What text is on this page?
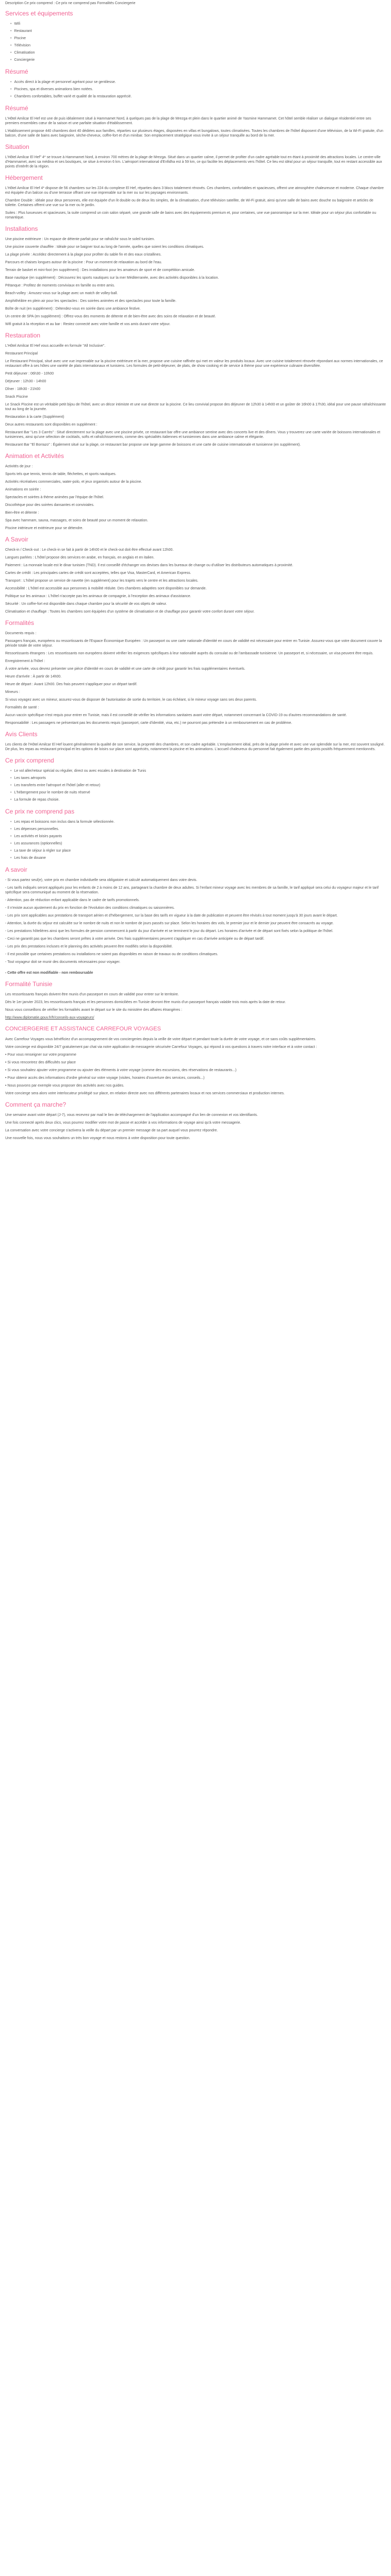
Description Ce prix comprend : Ce prix ne comprend pas Formalités Conciergerie
Services et équipements
• Wifi
• Restaurant
• Piscine
• Télévision
• Climatisation
• Conciergerie
Résumé
• Accès direct à la plage et personnel agréant pour se gentilesse.
• Piscines, spa et diverses animations bien notées.
• Chambres confortables, buffet varié et qualité de la restauration apprécié.
Résumé
L'Hôtel Amilcar El Hef est une de puis idéalement situé à Hammamet Nord, à quelques pas de la plage de Mrezga et plein dans le quartier animé de Yasmine Hammamet. Cet hôtel semble réaliser un dialogue résidentiel entre ses premiers ensembles cœur de la saison et une parfaite situation d'établissement.
L'établissement propose 440 chambres dont 40 dédiées aux familles, réparties sur plusieurs étages, disposées en villas et bungalows, toutes climatisées. Toutes les chambres de l'hôtel disposent d'une télévision, de la Wi-Fi gratuite, d'un balcon, d'une salle de bains avec baignoire, sèche-cheveux, coffre-fort et d'un minibar. Son emplacement stratégique vous invite à un séjour tranquille au bord de la mer.
Situation
L'Hôtel Amilcar El Hef" 4* se trouve à Hammamet Nord, à environ 700 mètres de la plage de Mrezga. Situé dans un quartier calme, il permet de profiter d'un cadre agréable tout en étant à proximité des attractions locales. Le centre-ville d'Hammamet, avec sa médina et ses boutiques, se situe à environ 6 km. L'aéroport international d'Enfidha est à 59 km, ce qui facilite les déplacements vers l'hôtel. Ce lieu est idéal pour un séjour tranquille, tout en restant accessible aux points d'intérêt de la région.
Hébergement
L'Hôtel Amilcar El Hef 4* dispose de 56 chambres sur les 224 du complexe El Hef, réparties dans 3 blocs totalement rénovés. Ces chambres, confortables et spacieuses, offrent une atmosphère chaleureuse et moderne. Chaque chambre est équipée d'un balcon ou d'une terrasse offrant une vue imprenable sur la mer ou sur les paysages environnants.
Chambre Double : idéale pour deux personnes, elle est équipée d'un lit double ou de deux lits simples, de la climatisation, d'une télévision satellite, de Wi-Fi gratuit, ainsi qu'une salle de bains avec douche ou baignoire et articles de toilette. Certaines offrent une vue sur la mer ou le jardin.
Suites : Plus luxueuses et spacieuses, la suite comprend un coin salon séparé, une grande salle de bains avec des équipements premium et, pour certaines, une vue panoramique sur la mer. Idéale pour un séjour plus confortable ou romantique.
Installations
Une piscine extérieure : Un espace de détente parfait pour se rafraîchir sous le soleil tunisien.
Une piscine couverte chauffée : Idéale pour se baigner tout au long de l'année, quelles que soient les conditions climatiques.
La plage privée : Accédez directement à la plage pour profiter du sable fin et des eaux cristallines.
Parcours et chaises longues autour de la piscine : Pour un moment de relaxation au bord de l'eau.
Terrain de basket et mini-foot (en supplément) : Des installations pour les amateurs de sport et de compétition amicale.
Base nautique (en supplément) : Découvrez les sports nautiques sur la mer Méditerranée, avec des activités disponibles à la location.
Pétanque : Profitez de moments conviviaux en famille ou entre amis.
Beach-volley : Amusez-vous sur la plage avec un match de volley-ball.
Amphithéâtre en plein air pour les spectacles : Des soirées animées et des spectacles pour toute la famille.
Boîte de nuit (en supplément) : Détendez-vous en soirée dans une ambiance festive.
Un centre de SPA (en supplément) : Offrez-vous des moments de détente et de bien-être avec des soins de relaxation et de beauté.
Wifi gratuit à la réception et au bar : Restez connecté avec votre famille et vos amis durant votre séjour.
Restauration
L'Hôtel Amilcar El Hef vous accueille en formule "All Inclusive".
Restaurant Principal
Le Restaurant Principal, situé avec une vue imprenable sur la piscine extérieure et la mer, propose une cuisine raffinée qui met en valeur les produits locaux. Avec une cuisine totalement rénovée répondant aux normes internationales, ce restaurant offre à ses hôtes une variété de plats internationaux et tunisiens. Les formules de petit-déjeuner, de plats, de show cooking et de service à thème pour une expérience culinaire diversifiée.
Petit déjeuner : 06h30 - 10h00
Déjeuner : 12h30 - 14h00
Dîner : 18h30 - 21h00
Snack Piscine
Le Snack Piscine est un véritable petit bijou de l'hôtel, avec un décor intimiste et une vue directe sur la piscine. Ce lieu convivial propose des déjeuner de 12h30 à 14h00 et un goûter de 16h00 à 17h30, idéal pour une pause rafraîchissante tout au long de la journée.
Restauration à la carte (Supplément)
Deux autres restaurants sont disponibles en supplément :
Restaurant Bar "Les 3 Carrés" : Situé directement sur la plage avec une piscine privée, ce restaurant bar offre une ambiance sereine avec des concerts live et des dîners. Vous y trouverez une carte variée de boissons internationales et tunisiennes, ainsi qu'une sélection de cocktails, softs et rafraîchissements, comme des spécialités italiennes et tunisiennes dans une ambiance calme et élégante.
Restaurant Bar "El Borrazo" : Également situé sur la plage, ce restaurant bar propose une large gamme de boissons et une carte de cuisine internationale et tunisienne (en supplément).
Animation et Activités
Activités de jour :
Sports tels que tennis, tennis de table, fléchettes, et sports nautiques.
Activités récréatives commerciales, water-polo, et jeux organisés autour de la piscine.
Animations en soirée :
Spectacles et soirées à thème animées par l'équipe de l'hôtel.
Discothèque pour des soirées dansantes et conviviales.
Bien-être et détente :
Spa avec hammam, sauna, massages, et soins de beauté pour un moment de relaxation.
Piscine intérieure et extérieure pour se détendre.
A Savoir
Check-in / Check-out : Le check-in se fait à partir de 14h00 et le check-out doit être effectué avant 12h00.
Langues parlées : L'hôtel propose des services en arabe, en français, en anglais et en italien.
Paiement : La monnaie locale est le dinar tunisien (TND). Il est conseillé d'échanger vos devises dans les bureaux de change ou d'utiliser les distributeurs automatiques à proximité.
Cartes de crédit : Les principales cartes de crédit sont acceptées, telles que Visa, MasterCard, et American Express.
Transport : L'hôtel propose un service de navette (en supplément) pour les trajets vers le centre et les attractions locales.
Accessibilité : L'hôtel est accessible aux personnes à mobilité réduite. Des chambres adaptées sont disponibles sur demande.
Politique sur les animaux : L'hôtel n'accepte pas les animaux de compagnie, à l'exception des animaux d'assistance.
Sécurité : Un coffre-fort est disponible dans chaque chambre pour la sécurité de vos objets de valeur.
Climatisation et chauffage : Toutes les chambres sont équipées d'un système de climatisation et de chauffage pour garantir votre confort durant votre séjour.
Formalités
Documents requis :
Passagers français, européens ou ressortissants de l'Espace Économique Européen : Un passeport ou une carte nationale d'identité en cours de validité est nécessaire pour entrer en Tunisie. Assurez-vous que votre document couvre la période totale de votre séjour.
Ressortissants étrangers : Les ressortissants non européens doivent vérifier les exigences spécifiques à leur nationalité auprès du consulat ou de l'ambassade tunisienne. Un passeport et, si nécessaire, un visa peuvent être requis.
Enregistrement à l'hôtel :
À votre arrivée, vous devrez présenter une pièce d'identité en cours de validité et une carte de crédit pour garantir les frais supplémentaires éventuels.
Heure d'arrivée : À partir de 14h00.
Heure de départ : Avant 12h00. Des frais peuvent s'appliquer pour un départ tardif.
Mineurs :
Si vous voyagez avec un mineur, assurez-vous de disposer de l'autorisation de sortie du territoire, le cas échéant, si le mineur voyage sans ses deux parents.
Formalités de santé :
Aucun vaccin spécifique n'est requis pour entrer en Tunisie, mais il est conseillé de vérifier les informations sanitaires avant votre départ, notamment concernant la COVID-19 ou d'autres recommandations de santé.
Responsabilité : Les passagers ne présentant pas les documents requis (passeport, carte d'identité, visa, etc.) ne pourront pas prétendre à un remboursement en cas de problème.
Avis Clients
Les clients de l'Hôtel Amilcar El Hef louent généralement la qualité de son service, la propreté des chambres, et son cadre agréable. L'emplacement idéal, près de la plage privée et avec une vue splendide sur la mer, est souvent souligné. De plus, les repas au restaurant principal et les options de loisirs sur place sont appréciés, notamment la piscine et les animations. L'accueil chaleureux du personnel fait également partie des points positifs fréquemment mentionnés.
Ce prix comprend
• Le vol aller/retour spécial ou régulier, direct ou avec escales à destination de Tunis
• Les taxes aéroports
• Les transferts entre l'aéroport et l'hôtel (aller et retour)
• L'hébergement pour le nombre de nuits réservé
• La formule de repas choisie.
Ce prix ne comprend pas
• Les repas et boissons non inclus dans la formule sélectionnée.
• Les dépenses personnelles.
• Les activités et loisirs payants
• Les assurances (optionnelles)
• La taxe de séjour à régler sur place
• Les frais de douane
A savoir
- Si vous partez seul(e), votre prix en chambre individuelle sera obligatoire et calculé automatiquement dans votre devis.
- Les tarifs indiqués seront appliqués pour les enfants de 2 à moins de 12 ans, partageant la chambre de deux adultes. Si l'enfant mineur voyage avec les membres de sa famille, le tarif appliqué sera celui du voyageur majeur et le tarif spécifique sera communiqué au moment de la réservation.
- Attention, pas de réduction enfant applicable dans le cadre de tarifs promotionnels.
- Il n'existe aucun ajustement du prix en fonction de l'évolution des conditions climatiques ou saisonnières.
- Les prix sont applicables aux prestations de transport aérien et d'hébergement, sur la base des tarifs en vigueur à la date de publication et peuvent être révisés à tout moment jusqu'à 30 jours avant le départ.
- Attention, la durée du séjour est calculée sur le nombre de nuits et non le nombre de jours passés sur place. Selon les horaires des vols, le premier jour et le dernier jour peuvent être consacrés au voyage.
- Les prestations hôtelières ainsi que les formules de pension commencent à partir du jour d'arrivée et se terminent le jour du départ. Les horaires d'arrivée et de départ sont fixés selon la politique de l'hôtel.
- Ceci ne garantit pas que les chambres seront prêtes à votre arrivée. Des frais supplémentaires peuvent s'appliquer en cas d'arrivée anticipée ou de départ tardif.
- Les prix des prestations incluses et le planning des activités peuvent être modifiés selon la disponibilité.
- Il est possible que certaines prestations ou installations ne soient pas disponibles en raison de travaux ou de conditions climatiques.
- Tout voyageur doit se munir des documents nécessaires pour voyager.
- Cette offre est non modifiable - non remboursable
Formalité Tunisie
Les ressortissants français doivent être munis d'un passeport en cours de validité pour entrer sur le territoire.
Dès le 1er janvier 2023, les ressortissants français et les personnes domiciliées en Tunisie devront être munis d'un passeport français valable trois mois après la date de retour.
Nous vous conseillons de vérifier les formalités avant le départ sur le site du ministère des affaires étrangères :
http://www.diplomatie.gouv.fr/fr/conseils-aux-voyageurs/
CONCIERGERIE ET ASSISTANCE CARREFOUR VOYAGES
Avec Carrefour Voyages vous bénéficiez d'un accompagnement de vos conciergeries depuis la veille de votre départ et pendant toute la durée de votre voyage, et ce sans coûts supplémentaires.
Votre concierge est disponible 24/7 gratuitement par chat via notre application de messagerie sécurisée Carrefour Voyages, qui répond à vos questions à travers notre interface et à votre contact :
• Pour vous renseigner sur votre programme
• Si vous rencontrez des difficultés sur place
• Si vous souhaitez ajouter votre programme ou ajouter des éléments à votre voyage (comme des excursions, des réservations de restaurants...)
• Pour obtenir accès des informations d'ordre général sur votre voyage (visites, horaires d'ouverture des services, conseils...)
• Nous pouvons par exemple vous proposer des activités avec nos guides.
Votre concierge sera alors votre interlocuteur privilégié sur place, en relation directe avec nos différents partenaires locaux et nos services commerciaux et production internes.
Comment ça marche?
Une semaine avant votre départ (J-7), vous recevrez par mail le lien de téléchargement de l'application accompagné d'un lien de connexion et vos identifiants.
Une fois connecté après deux clics, vous pourrez modifier votre mot de passe et accéder à vos informations de voyage ainsi qu'à votre messagerie.
La conversation avec votre concierge s'activera la veille du départ par un premier message de sa part auquel vous pourrez répondre.
Une nouvelle fois, nous vous souhaitons un très bon voyage et nous restons à votre disposition pour toute question.
